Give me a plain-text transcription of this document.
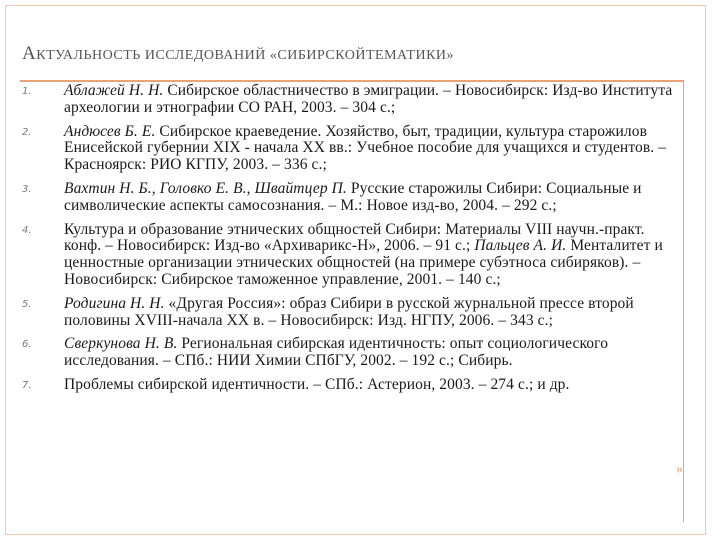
АКТУАЛЬНОСТЬ ИССЛЕДОВАНИЙ «СИБИРСКОЙТЕМАТИКИ»
»
1.	Аблажей Н. Н. Сибирское областничество в эмиграции. – Новосибирск: Изд-во Института археологии и этнографии СО РАН, 2003. – 304 с.;
2.	Андюсев Б. Е. Сибирское краеведение. Хозяйство, быт, традиции, культура старожилов Енисейской губернии XIX - начала XX вв.: Учебное пособие для учащихся и студентов. – Красноярск: РИО КГПУ, 2003. – 336 с.;
3.	Вахтин Н. Б., Головко Е. В., Швайтцер П. Русские старожилы Сибири: Социальные и символические аспекты самосознания. – М.: Новое изд-во, 2004. – 292 с.;
4.	Культура и образование этнических общностей Сибири: Материалы VIII научн.-практ. конф. – Новосибирск: Изд-во «Архиварикс-Н», 2006. – 91 с.; Пальцев А. И. Менталитет и ценностные организации этнических общностей (на примере субэтноса сибиряков). – Новосибирск: Сибирское таможенное управление, 2001. – 140 с.;
5.	Родигина Н. Н. «Другая Россия»: образ Сибири в русской журнальной прессе второй половины XVIII-начала XX в. – Новосибирск: Изд. НГПУ, 2006. – 343 с.;
6.	Сверкунова Н. В. Региональная сибирская идентичность: опыт социологического исследования. – СПб.: НИИ Химии СПбГУ, 2002. – 192 с.; Сибирь.
7.	Проблемы сибирской идентичности. – СПб.: Астерион, 2003. – 274 с.; и др.
